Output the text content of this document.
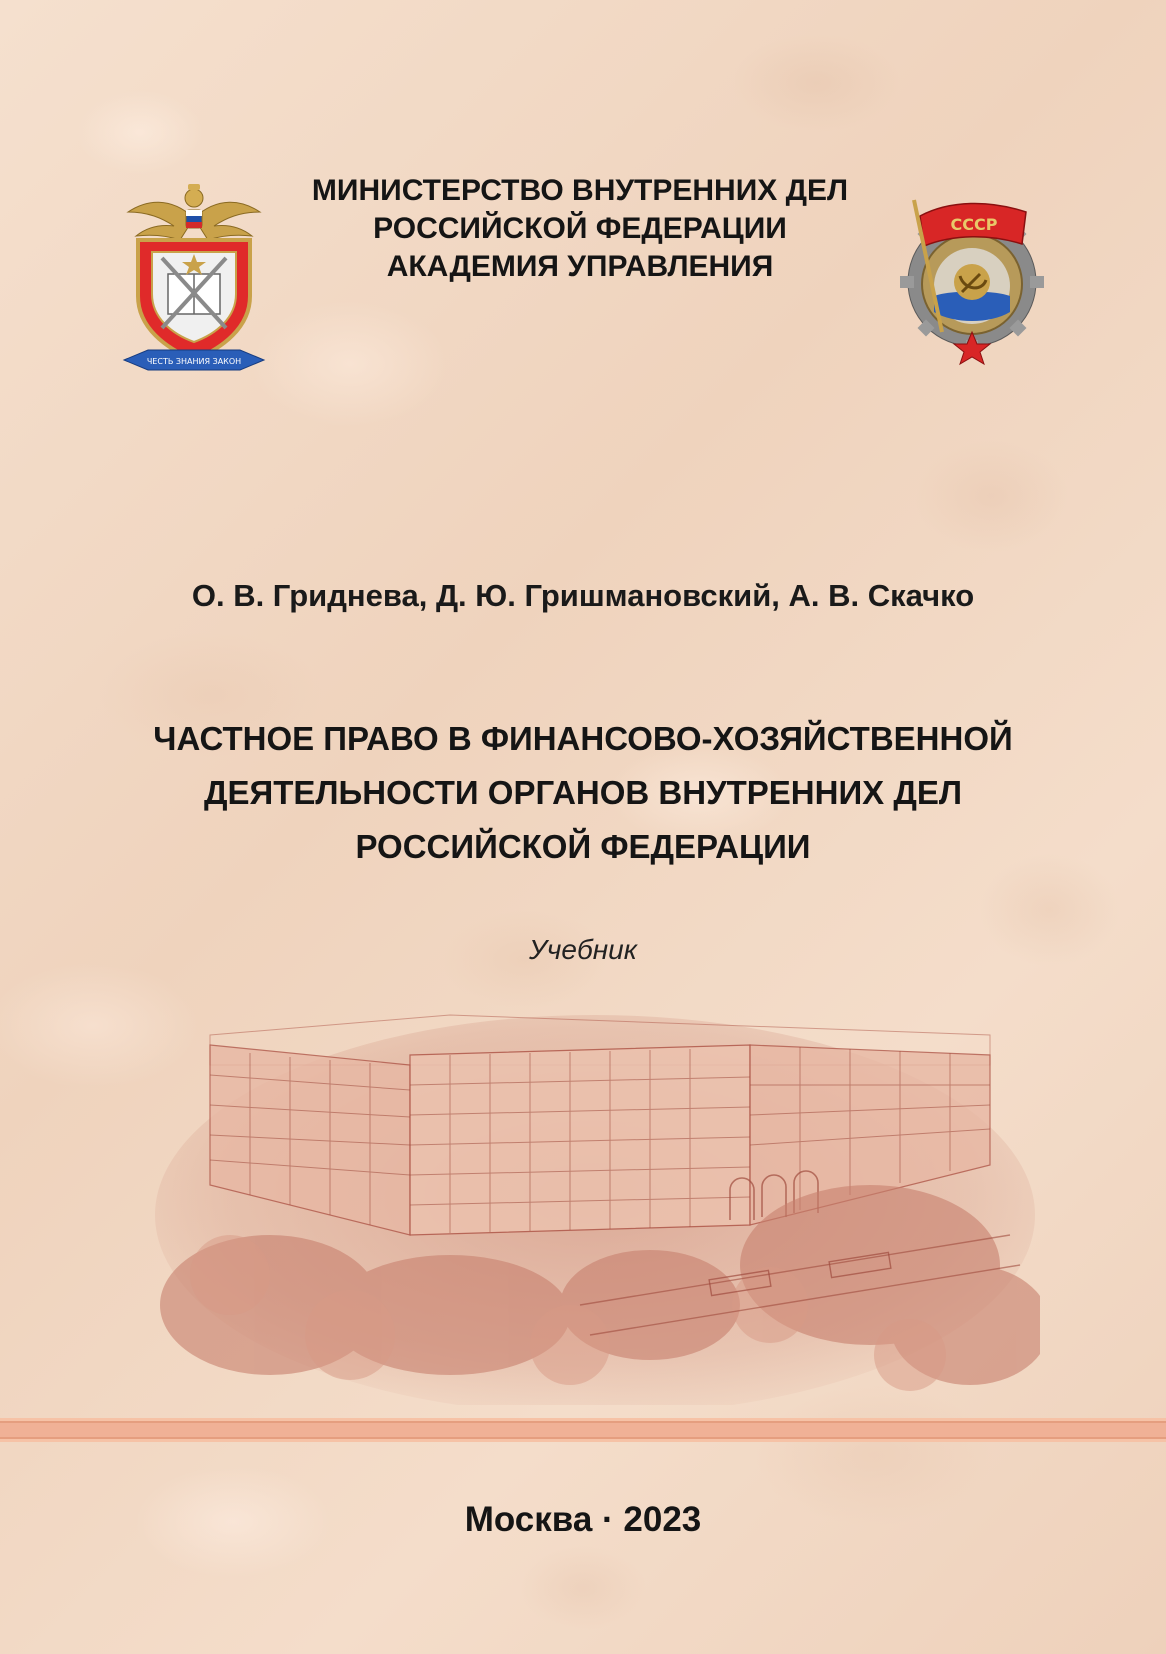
ЧЕСТЬ ЗНАНИЯ ЗАКОН
МИНИСТЕРСТВО ВНУТРЕННИХ ДЕЛ
РОССИЙСКОЙ ФЕДЕРАЦИИ
АКАДЕМИЯ УПРАВЛЕНИЯ
СССР
О. В. Гриднева, Д. Ю. Гришмановский, А. В. Скачко
ЧАСТНОЕ ПРАВО В ФИНАНСОВО-ХОЗЯЙСТВЕННОЙ
ДЕЯТЕЛЬНОСТИ ОРГАНОВ ВНУТРЕННИХ ДЕЛ
РОССИЙСКОЙ ФЕДЕРАЦИИ
Учебник
Москва · 2023
